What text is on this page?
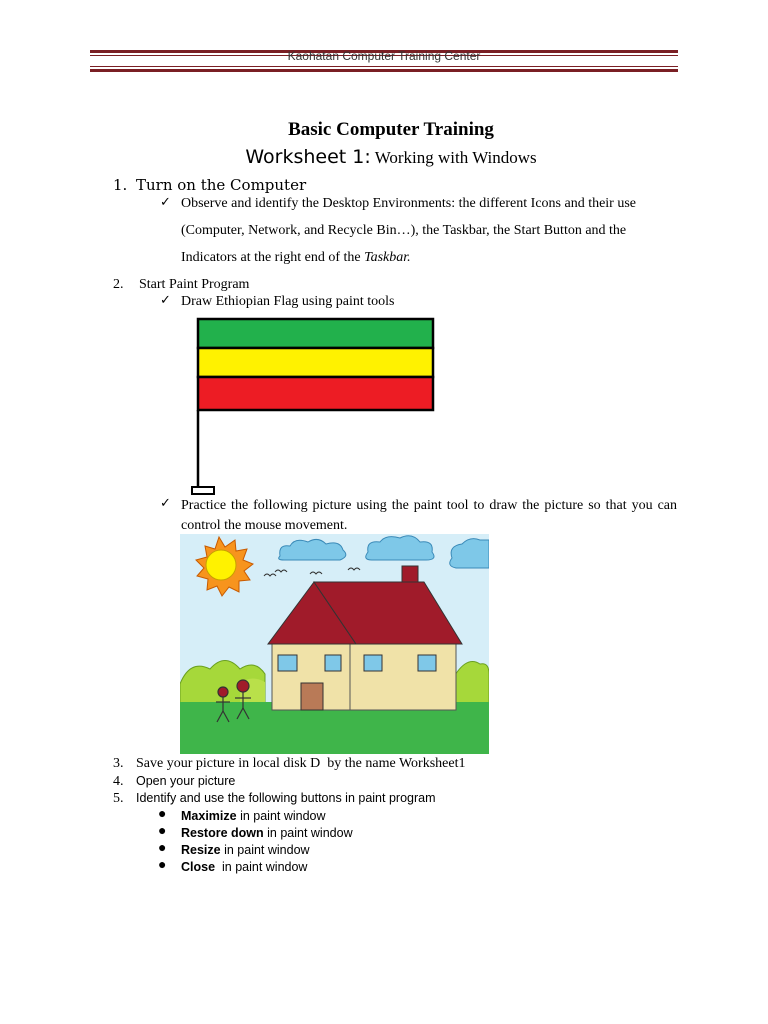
Kaohatan Computer Training Center
Basic Computer Training
Worksheet 1: Working with Windows
1. Turn on the Computer
✓ Observe and identify the Desktop Environments: the different Icons and their use
(Computer, Network, and Recycle Bin…), the Taskbar, the Start Button and the
Indicators at the right end of the Taskbar.
2. Start Paint Program
✓ Draw Ethiopian Flag using paint tools
✓ Practice the following picture using the paint tool to draw the picture so that you can control the mouse movement.
3. Save your picture in local disk D  by the name Worksheet1
4. Open your picture
5. Identify and use the following buttons in paint program
● Maximize in paint window
● Restore down in paint window
● Resize in paint window
● Close  in paint window
